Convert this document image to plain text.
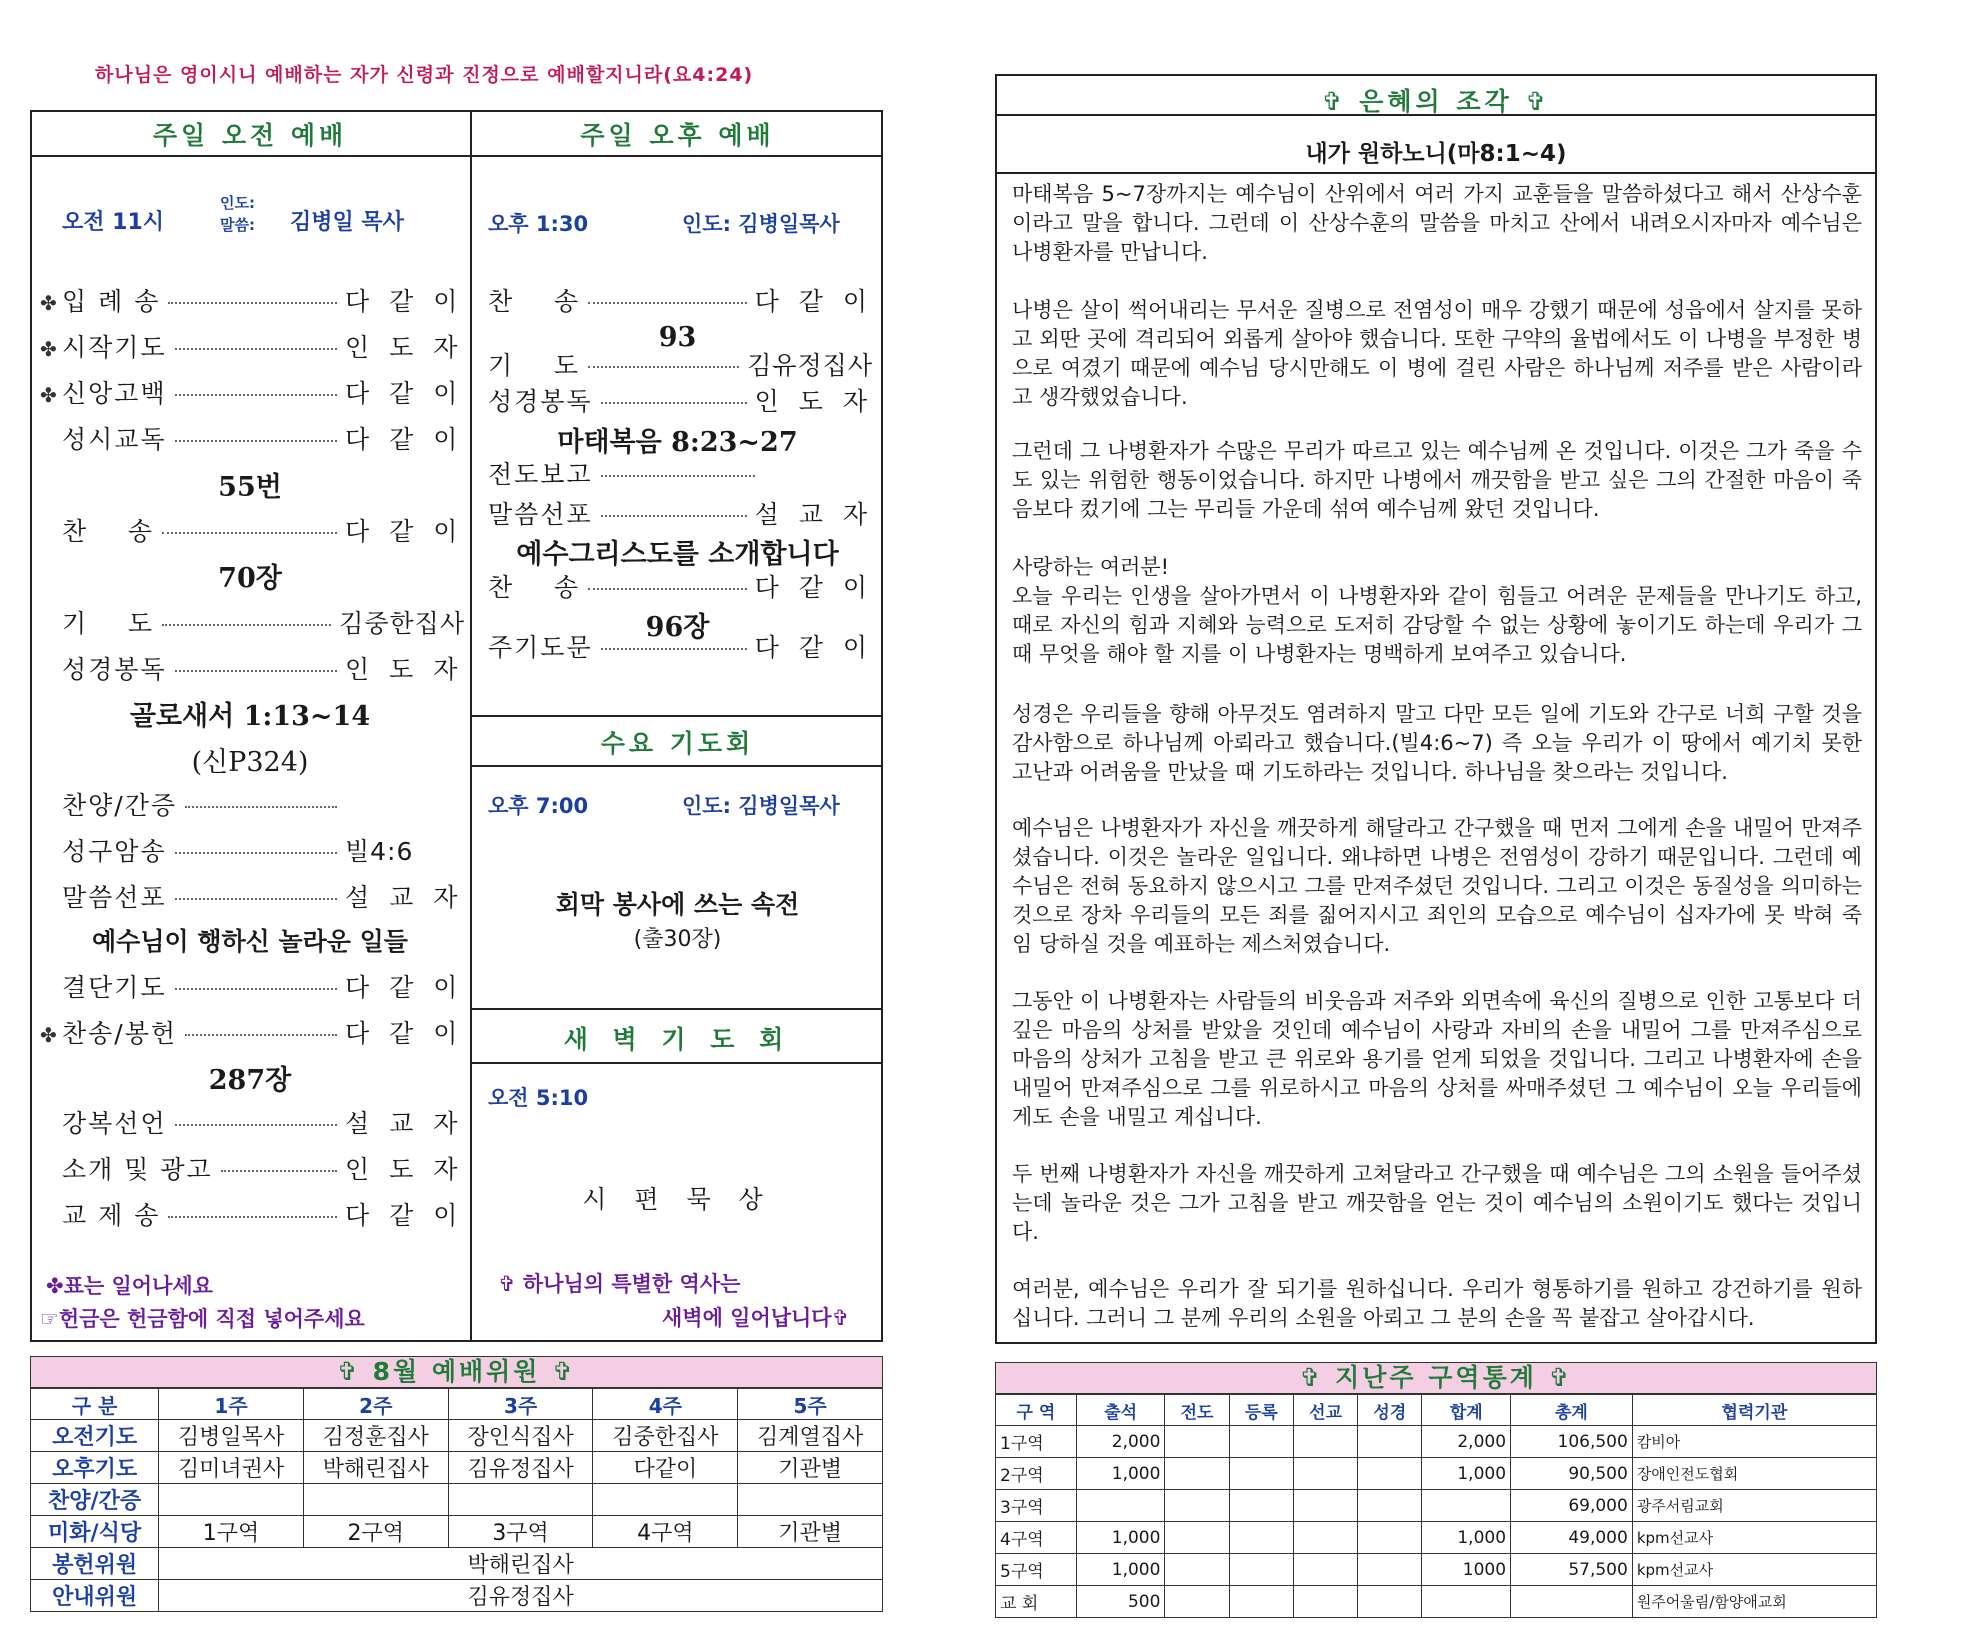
하나님은 영이시니 예배하는 자가 신령과 진정으로 예배할지니라(요4:24)
주일 오전 예배
오전 11시
인도:
말씀: 김병일 목사
✤ 입 례 송	다 같 이
✤ 시작기도	인 도 자
✤ 신앙고백	다 같 이
성시교독	다 같 이
찬    송	다 같 이
기    도	김중한집사
성경봉독	인 도 자
찬양/간증
성구암송	빌4:6
말씀선포	설 교 자
결단기도	다 같 이
✤ 찬송/봉헌	다 같 이
강복선언	설 교 자
소개 및 광고	인 도 자
교 제 송	다 같 이
55번
70장
골로새서 1:13~14
(신P324)
예수님이 행하신 놀라운 일들
287장
✤표는 일어나세요
☞헌금은 헌금함에 직접 넣어주세요
주일 오후 예배
오후 1:30	인도: 김병일목사
찬    송	다 같 이
기    도	김유정집사
성경봉독	인 도 자
전도보고
말씀선포	설 교 자
찬    송	다 같 이
주기도문	다 같 이
93
마태복음 8:23~27
예수그리스도를 소개합니다
96장
수요 기도회
오후 7:00	인도: 김병일목사
회막 봉사에 쓰는 속전
(출30장)
새 벽 기 도 회
오전 5:10
시 편 묵 상
✞ 하나님의 특별한 역사는
새벽에 일어납니다✞
✞ 은혜의 조각 ✞
내가 원하노니(마8:1~4)
마태복음 5~7장까지는 예수님이 산위에서 여러 가지 교훈들을 말씀하셨다고 해서 산상수훈이라고 말을 합니다. 그런데 이 산상수훈의 말씀을 마치고 산에서 내려오시자마자 예수님은 나병환자를 만납니다.
나병은 살이 썩어내리는 무서운 질병으로 전염성이 매우 강했기 때문에 성읍에서 살지를 못하고 외딴 곳에 격리되어 외롭게 살아야 했습니다. 또한 구약의 율법에서도 이 나병을 부정한 병으로 여겼기 때문에 예수님 당시만해도 이 병에 걸린 사람은 하나님께 저주를 받은 사람이라고 생각했었습니다.
그런데 그 나병환자가 수많은 무리가 따르고 있는 예수님께 온 것입니다. 이것은 그가 죽을 수도 있는 위험한 행동이었습니다. 하지만 나병에서 깨끗함을 받고 싶은 그의 간절한 마음이 죽음보다 컸기에 그는 무리들 가운데 섞여 예수님께 왔던 것입니다.
사랑하는 여러분!
오늘 우리는 인생을 살아가면서 이 나병환자와 같이 힘들고 어려운 문제들을 만나기도 하고, 때로 자신의 힘과 지혜와 능력으로 도저히 감당할 수 없는 상황에 놓이기도 하는데 우리가 그 때 무엇을 해야 할 지를 이 나병환자는 명백하게 보여주고 있습니다.
성경은 우리들을 향해 아무것도 염려하지 말고 다만 모든 일에 기도와 간구로 너희 구할 것을 감사함으로 하나님께 아뢰라고 했습니다.(빌4:6~7) 즉 오늘 우리가 이 땅에서 예기치 못한 고난과 어려움을 만났을 때 기도하라는 것입니다. 하나님을 찾으라는 것입니다.
예수님은 나병환자가 자신을 깨끗하게 해달라고 간구했을 때 먼저 그에게 손을 내밀어 만져주셨습니다. 이것은 놀라운 일입니다. 왜냐하면 나병은 전염성이 강하기 때문입니다. 그런데 예수님은 전혀 동요하지 않으시고 그를 만져주셨던 것입니다. 그리고 이것은 동질성을 의미하는 것으로 장차 우리들의 모든 죄를 짊어지시고 죄인의 모습으로 예수님이 십자가에 못 박혀 죽임 당하실 것을 예표하는 제스처였습니다.
그동안 이 나병환자는 사람들의 비웃음과 저주와 외면속에 육신의 질병으로 인한 고통보다 더 깊은 마음의 상처를 받았을 것인데 예수님이 사랑과 자비의 손을 내밀어 그를 만져주심으로 마음의 상처가 고침을 받고 큰 위로와 용기를 얻게 되었을 것입니다. 그리고 나병환자에 손을 내밀어 만져주심으로 그를 위로하시고 마음의 상처를 싸매주셨던 그 예수님이 오늘 우리들에게도 손을 내밀고 계십니다.
두 번째 나병환자가 자신을 깨끗하게 고쳐달라고 간구했을 때 예수님은 그의 소원을 들어주셨는데 놀라운 것은 그가 고침을 받고 깨끗함을 얻는 것이 예수님의 소원이기도 했다는 것입니다.
여러분, 예수님은 우리가 잘 되기를 원하십니다. 우리가 형통하기를 원하고 강건하기를 원하십니다. 그러니 그 분께 우리의 소원을 아뢰고 그 분의 손을 꼭 붙잡고 살아갑시다.
✞ 8월 예배위원 ✞
구 분	1주	2주	3주	4주	5주
오전기도	김병일목사	김정훈집사	장인식집사	김중한집사	김계열집사
오후기도	김미녀권사	박해린집사	김유정집사	다같이	기관별
찬양/간증					
미화/식당	1구역	2구역	3구역	4구역	기관별
봉헌위원	박해린집사				
안내위원	김유정집사				
✞ 지난주 구역통계 ✞
구 역	출석	전도	등록	선교	성경	합계	총계	협력기관
1구역	2,000					2,000	106,500	캄비아
2구역	1,000					1,000	90,500	장애인전도협회
3구역							69,000	광주서림교회
4구역	1,000					1,000	49,000	kpm선교사
5구역	1,000					1000	57,500	kpm선교사
교 회	500							원주어울림/함양애교회
